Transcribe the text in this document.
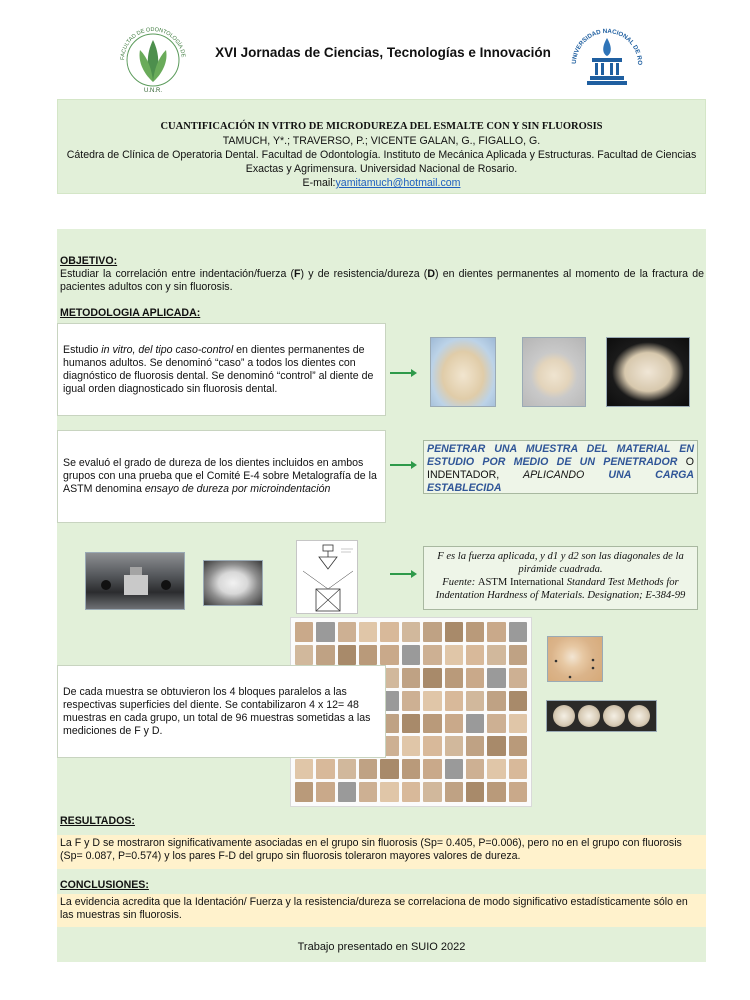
FACULTAD DE ODONTOLOGÍA DE
U.N.R.
XVI Jornadas de Ciencias, Tecnologías e Innovación
UNIVERSIDAD NACIONAL DE RO
CUANTIFICACIÓN IN VITRO DE MICRODUREZA DEL ESMALTE CON Y SIN FLUOROSIS
TAMUCH, Y*.; TRAVERSO, P.; VICENTE GALAN, G., FIGALLO, G.
Cátedra de Clínica de Operatoria Dental. Facultad de Odontología. Instituto de Mecánica Aplicada y Estructuras. Facultad de Ciencias Exactas y Agrimensura. Universidad Nacional de Rosario.
E-mail:yamitamuch@hotmail.com
OBJETIVO:
Estudiar la correlación entre indentación/fuerza (F) y de resistencia/dureza (D) en dientes permanentes al momento de la fractura de pacientes adultos con y sin fluorosis.
METODOLOGIA APLICADA:
Estudio in vitro, del tipo caso-control en dientes permanentes de humanos adultos. Se denominó “caso” a todos los dientes con diagnóstico de fluorosis dental. Se denominó “control” al diente de igual orden diagnosticado sin fluorosis dental.
Se evaluó el grado de dureza de los dientes incluidos en ambos grupos con una prueba que el Comité E-4 sobre Metalografía de la ASTM denomina ensayo de dureza por microindentación
PENETRAR UNA MUESTRA DEL MATERIAL EN ESTUDIO POR MEDIO DE UN PENETRADOR O INDENTADOR, APLICANDO UNA CARGA ESTABLECIDA
F es la fuerza aplicada, y d1 y d2 son las diagonales de la pirámide cuadrada.
Fuente: ASTM International Standard Test Methods for Indentation Hardness of Materials. Designation; E-384-99
De cada muestra se obtuvieron los 4 bloques paralelos a las respectivas superficies del diente. Se contabilizaron 4 x 12= 48 muestras en cada grupo, un total de 96 muestras sometidas a las mediciones de F y D.
RESULTADOS:
La F y D se mostraron significativamente asociadas en el grupo sin fluorosis (Sp= 0.405, P=0.006), pero no en el grupo con fluorosis (Sp= 0.087, P=0.574) y los pares F-D del grupo sin fluorosis toleraron mayores valores de dureza.
CONCLUSIONES:
La evidencia acredita que la Identación/ Fuerza y la resistencia/dureza se correlaciona de modo significativo estadísticamente sólo en las muestras sin fluorosis.
Trabajo presentado en SUIO 2022
